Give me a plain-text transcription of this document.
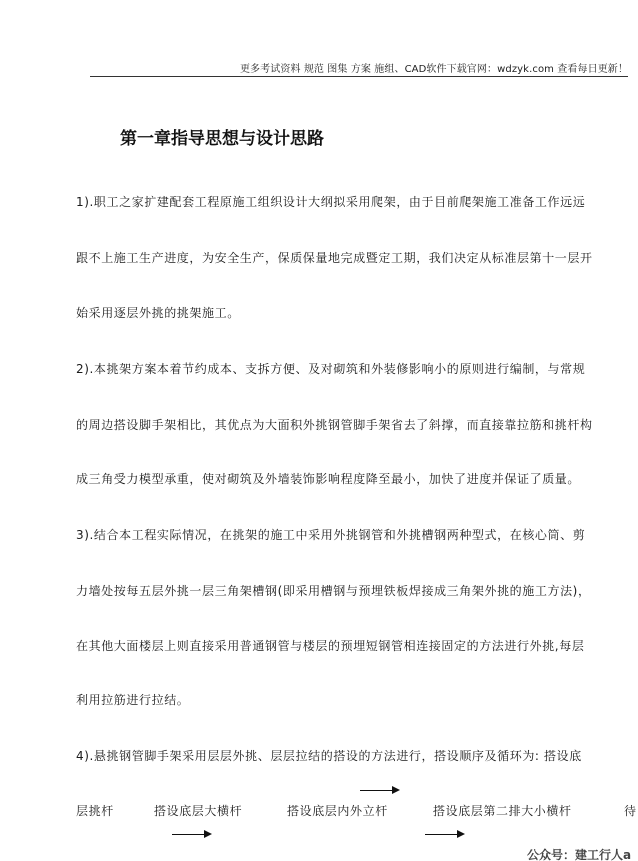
更多考试资料 规范 图集 方案 施组、CAD软件下载官网：wdzyk.com 查看每日更新！
第一章指导思想与设计思路
1).职工之家扩建配套工程原施工组织设计大纲拟采用爬架，由于目前爬架施工准备工作远远
跟不上施工生产进度，为安全生产，保质保量地完成暨定工期，我们决定从标准层第十一层开
始采用逐层外挑的挑架施工。
2).本挑架方案本着节约成本、支拆方便、及对砌筑和外装修影响小的原则进行编制，与常规
的周边搭设脚手架相比，其优点为大面积外挑钢管脚手架省去了斜撑，而直接靠拉筋和挑杆构
成三角受力模型承重，使对砌筑及外墙装饰影响程度降至最小，加快了进度并保证了质量。
3).结合本工程实际情况，在挑架的施工中采用外挑钢管和外挑槽钢两种型式，在核心筒、剪
力墙处按每五层外挑一层三角架槽钢(即采用槽钢与预埋铁板焊接成三角架外挑的施工方法)，
在其他大面楼层上则直接采用普通钢管与楼层的预埋短钢管相连接固定的方法进行外挑,每层
利用拉筋进行拉结。
4).悬挑钢管脚手架采用层层外挑、层层拉结的搭设的方法进行，搭设顺序及循环为: 搭设底
层挑杆	搭设底层大横杆	搭设底层内外立杆	搭设底层第二排大小横杆	待
公众号：建工行人a
